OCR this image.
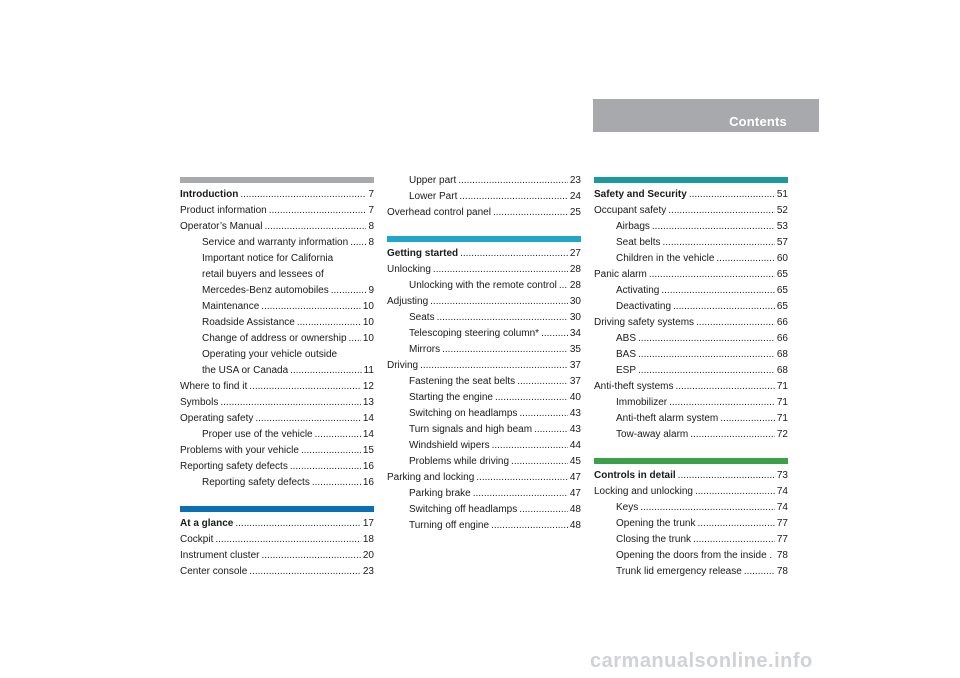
Contents
Introduction .....	7
Product information .....	7
Operator’s Manual .....	8
Service and warranty information ..... 8
Important notice for California
retail buyers and lessees of
Mercedes-Benz automobiles .....	9
Maintenance .....	10
Roadside Assistance .....	10
Change of address or ownership ..... 10
Operating your vehicle outside
the USA or Canada .....	11
Where to find it .....	12
Symbols .....	13
Operating safety .....	14
Proper use of the vehicle .....	14
Problems with your vehicle .....	15
Reporting safety defects .....	16
Reporting safety defects .....	16
At a glance .....	17
Cockpit .....	18
Instrument cluster .....	20
Center console .....	23
Upper part .....	23
Lower Part .....	24
Overhead control panel .....	25
Getting started .....	27
Unlocking .....	28
Unlocking with the remote control ..... 28
Adjusting .....	30
Seats .....	30
Telescoping steering column* .....	34
Mirrors .....	35
Driving .....	37
Fastening the seat belts .....	37
Starting the engine .....	40
Switching on headlamps .....	43
Turn signals and high beam .....	43
Windshield wipers .....	44
Problems while driving .....	45
Parking and locking .....	47
Parking brake .....	47
Switching off headlamps .....	48
Turning off engine .....	48
Safety and Security .....	51
Occupant safety .....	52
Airbags .....	53
Seat belts .....	57
Children in the vehicle .....	60
Panic alarm .....	65
Activating .....	65
Deactivating .....	65
Driving safety systems .....	66
ABS .....	66
BAS .....	68
ESP .....	68
Anti-theft systems .....	71
Immobilizer .....	71
Anti-theft alarm system .....	71
Tow-away alarm .....	72
Controls in detail .....	73
Locking and unlocking .....	74
Keys .....	74
Opening the trunk .....	77
Closing the trunk .....	77
Opening the doors from the inside . ..... 78
Trunk lid emergency release .....	78
carmanualsonline.info
